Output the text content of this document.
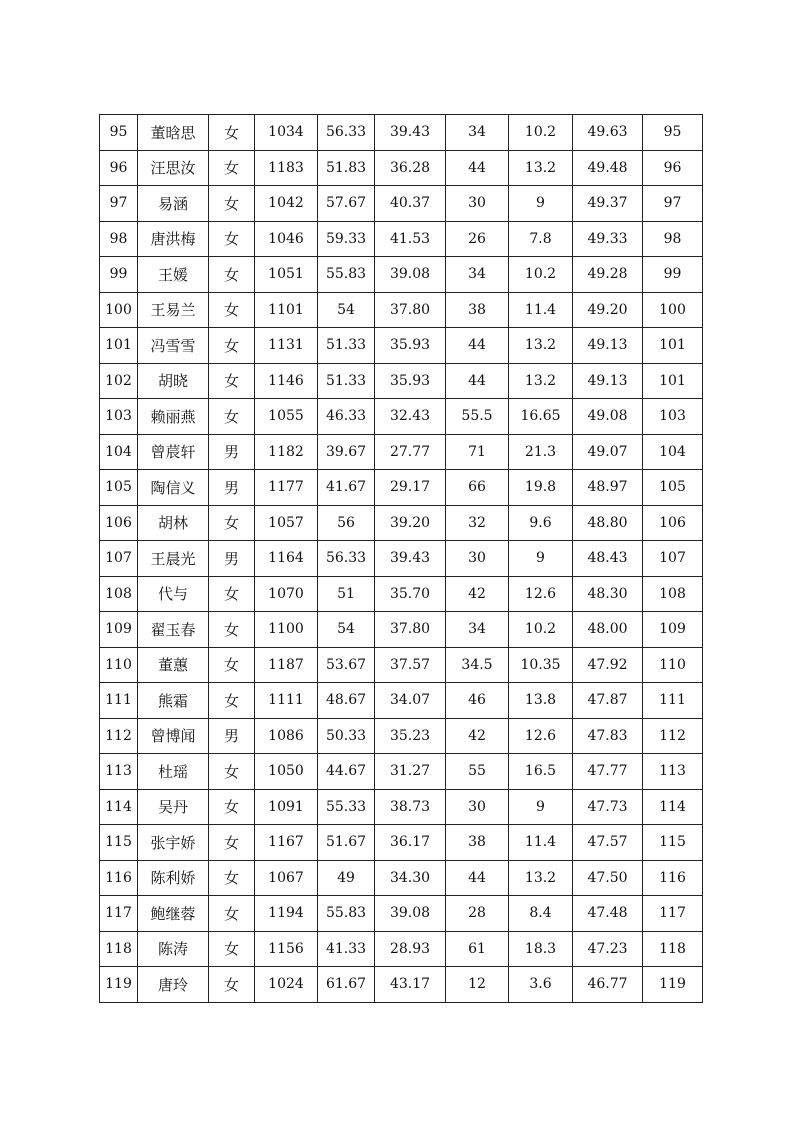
95	董晗思	女	1034	56.33	39.43	34	10.2	49.63	95
96	汪思汝	女	1183	51.83	36.28	44	13.2	49.48	96
97	易涵	女	1042	57.67	40.37	30	9	49.37	97
98	唐洪梅	女	1046	59.33	41.53	26	7.8	49.33	98
99	王媛	女	1051	55.83	39.08	34	10.2	49.28	99
100	王易兰	女	1101	54	37.80	38	11.4	49.20	100
101	冯雪雪	女	1131	51.33	35.93	44	13.2	49.13	101
102	胡晓	女	1146	51.33	35.93	44	13.2	49.13	101
103	赖丽燕	女	1055	46.33	32.43	55.5	16.65	49.08	103
104	曾莀轩	男	1182	39.67	27.77	71	21.3	49.07	104
105	陶信义	男	1177	41.67	29.17	66	19.8	48.97	105
106	胡林	女	1057	56	39.20	32	9.6	48.80	106
107	王晨光	男	1164	56.33	39.43	30	9	48.43	107
108	代与	女	1070	51	35.70	42	12.6	48.30	108
109	翟玉春	女	1100	54	37.80	34	10.2	48.00	109
110	董蕙	女	1187	53.67	37.57	34.5	10.35	47.92	110
111	熊霜	女	1111	48.67	34.07	46	13.8	47.87	111
112	曾博闻	男	1086	50.33	35.23	42	12.6	47.83	112
113	杜瑶	女	1050	44.67	31.27	55	16.5	47.77	113
114	吴丹	女	1091	55.33	38.73	30	9	47.73	114
115	张宇娇	女	1167	51.67	36.17	38	11.4	47.57	115
116	陈利娇	女	1067	49	34.30	44	13.2	47.50	116
117	鲍继蓉	女	1194	55.83	39.08	28	8.4	47.48	117
118	陈涛	女	1156	41.33	28.93	61	18.3	47.23	118
119	唐玲	女	1024	61.67	43.17	12	3.6	46.77	119
